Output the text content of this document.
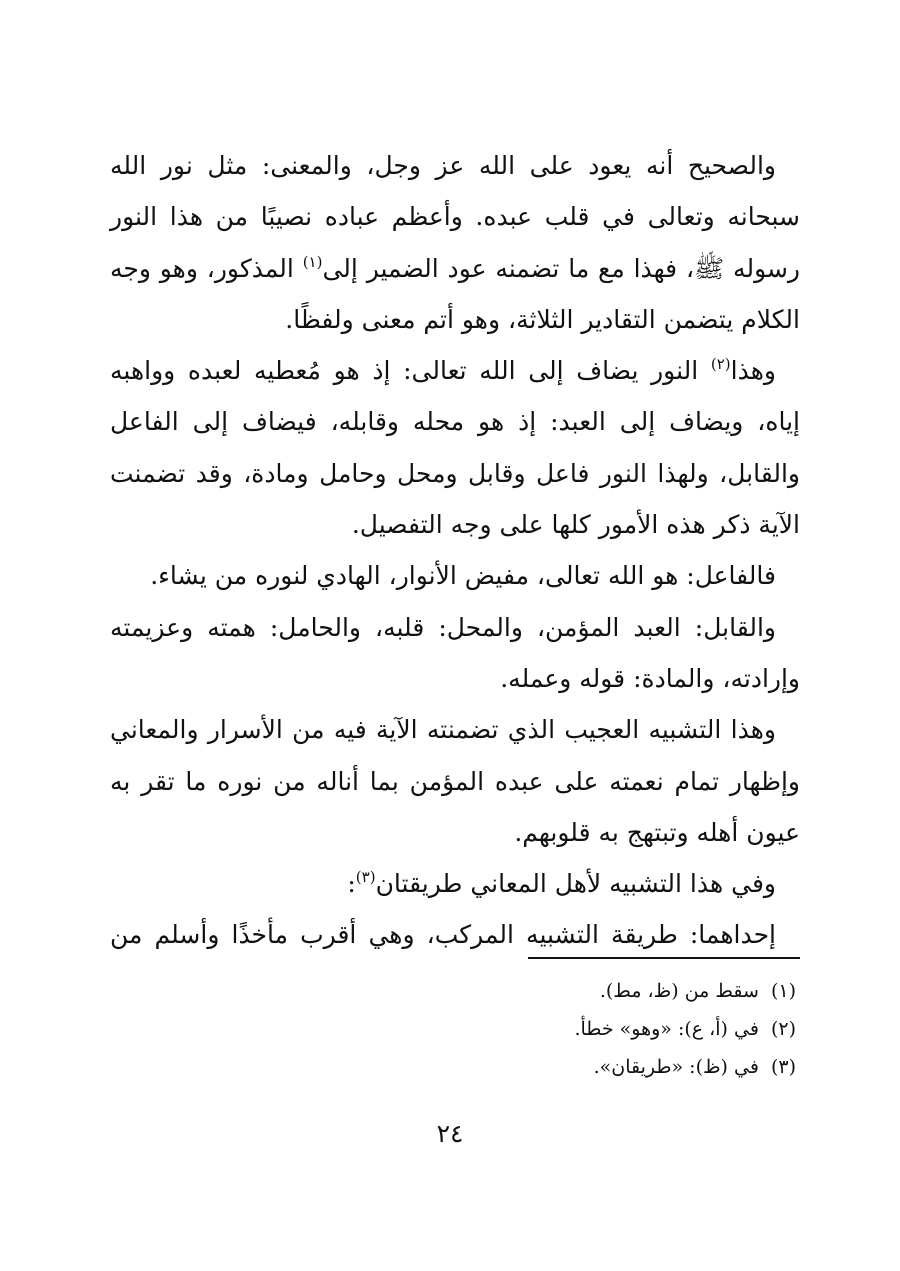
والصحيح أنه يعود على الله عز وجل، والمعنى: مثل نور الله سبحانه وتعالى في قلب عبده. وأعظم عباده نصيبًا من هذا النور رسوله ﷺ، فهذا مع ما تضمنه عود الضمير إلى$^{(١)}$ المذكور، وهو وجه الكلام يتضمن التقادير الثلاثة، وهو أتم معنى ولفظًا.

وهذا$^{(٢)}$ النور يضاف إلى الله تعالى: إذ هو مُعطيه لعبده وواهبه إياه، ويضاف إلى العبد: إذ هو محله وقابله، فيضاف إلى الفاعل والقابل، ولهذا النور فاعل وقابل ومحل وحامل ومادة، وقد تضمنت الآية ذكر هذه الأمور كلها على وجه التفصيل.

فالفاعل: هو الله تعالى، مفيض الأنوار، الهادي لنوره من يشاء.

والقابل: العبد المؤمن، والمحل: قلبه، والحامل: همته وعزيمته وإرادته، والمادة: قوله وعمله.

وهذا التشبيه العجيب الذي تضمنته الآية فيه من الأسرار والمعاني وإظهار تمام نعمته على عبده المؤمن بما أناله من نوره ما تقر به عيون أهله وتبتهج به قلوبهم.

وفي هذا التشبيه لأهل المعاني طريقتان$^{(٣)}$:

إحداهما: طريقة التشبيه المركب، وهي أقرب مأخذًا وأسلم من

(١)سقط من (ظ، مط).

(٢)في (أ، ع): «وهو» خطأ.

(٣)في (ظ): «طريقان».

٢٤
